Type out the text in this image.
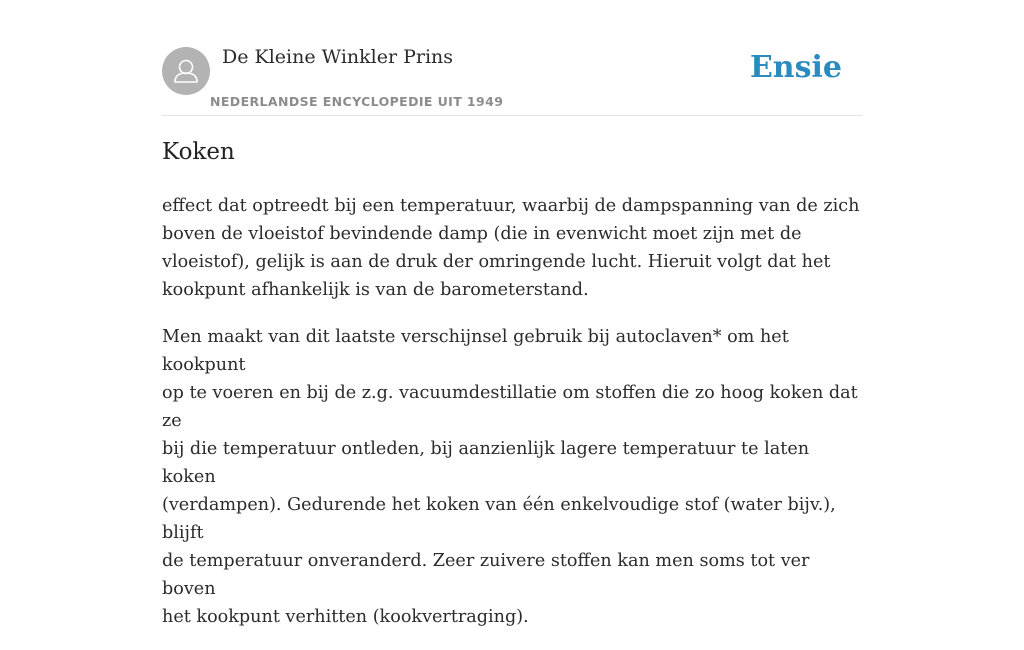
De Kleine Winkler Prins
NEDERLANDSE ENCYCLOPEDIE UIT 1949
Ensie
Koken

effect dat optreedt bij een temperatuur, waarbij de dampspanning van de zich
boven de vloeistof bevindende damp (die in evenwicht moet zijn met de
vloeistof), gelijk is aan de druk der omringende lucht. Hieruit volgt dat het
kookpunt afhankelijk is van de barometerstand.

Men maakt van dit laatste verschijnsel gebruik bij autoclaven* om het kookpunt
op te voeren en bij de z.g. vacuumdestillatie om stoffen die zo hoog koken dat ze
bij die temperatuur ontleden, bij aanzienlijk lagere temperatuur te laten koken
(verdampen). Gedurende het koken van één enkelvoudige stof (water bijv.), blijft
de temperatuur onveranderd. Zeer zuivere stoffen kan men soms tot ver boven
het kookpunt verhitten (kookvertraging).
